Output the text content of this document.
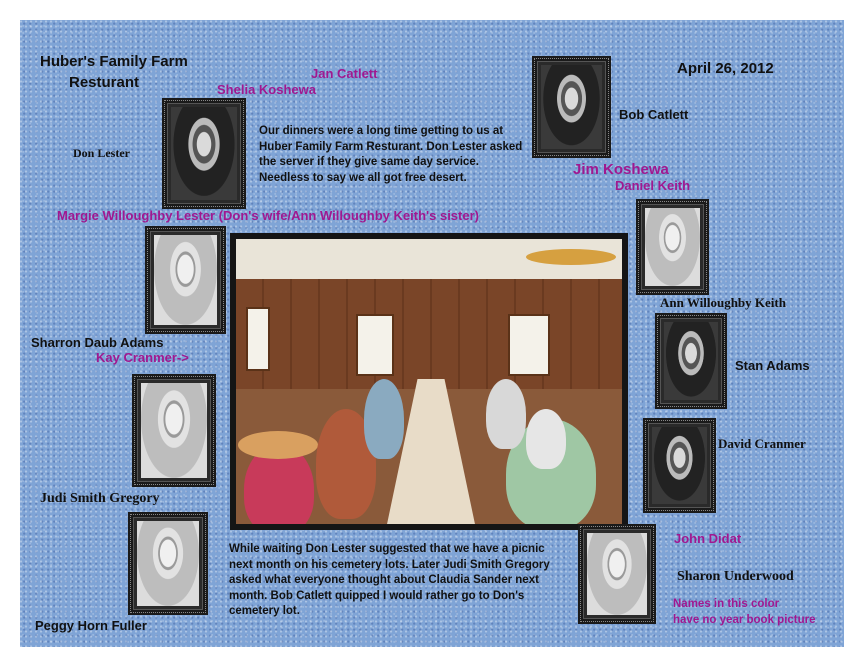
Huber's Family Farm
Resturant
April 26, 2012
Jan Catlett
Shelia Koshewa
Don Lester
Our dinners were a long time getting to us at Huber Family Farm Resturant. Don Lester asked the server if they give same day service. Needless to say we all got free desert.
Bob Catlett
Jim Koshewa
Daniel Keith
Margie Willoughby Lester (Don's wife/Ann Willoughby Keith's sister)
Sharron Daub Adams
Kay Cranmer->
Ann Willoughby Keith
Stan Adams
David Cranmer
Judi Smith Gregory
While waiting Don Lester suggested that we have a picnic next month on his cemetery lots. Later Judi Smith Gregory asked what everyone thought about Claudia Sander next month. Bob Catlett quipped I would rather go to Don's cemetery lot.
John Didat
Sharon Underwood
Peggy Horn Fuller
Names in this color
have no year book picture
